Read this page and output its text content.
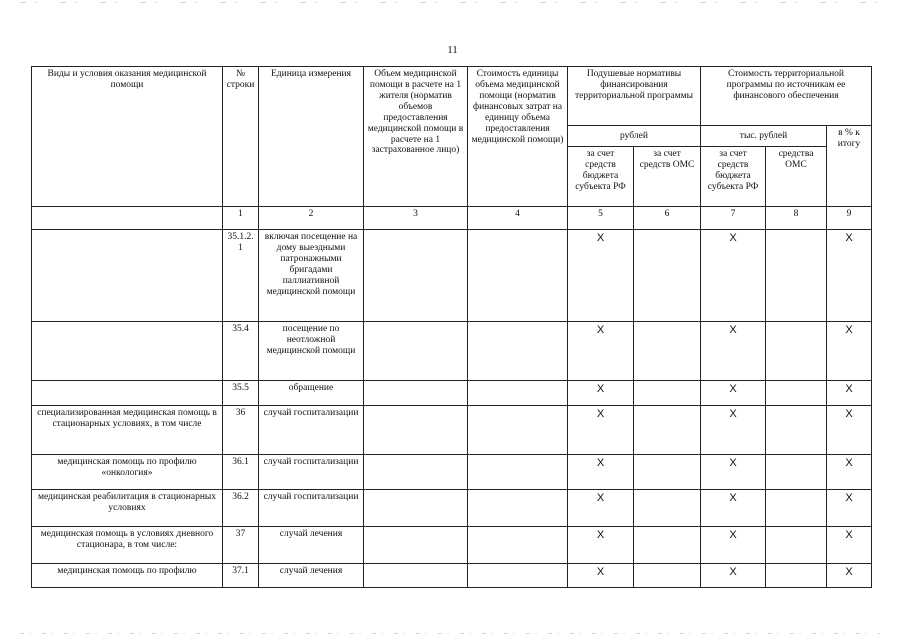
11
Виды и условия оказания медицинской помощи	№ строки	Единица измерения	Объем медицинской помощи в расчете на 1 жителя (норматив объемов предоставления медицинской помощи в расчете на 1 застрахованное лицо)	Стоимость единицы объема медицинской помощи (норматив финансовых затрат на единицу объема предоставления медицинской помощи)	Подушевые нормативы финансирования территориальной программы		Стоимость территориальной программы по источникам ее финансового обеспечения		
					рублей		тыс. рублей		в % к итогу
					за счет средств бюджета субъекта РФ	за счет средств ОМС	за счет средств бюджета субъекта РФ	средства ОМС	
	1	2	3	4	5	6	7	8	9
	35.1.2.1	включая посещение на дому выездными патронажными бригадами паллиативной медицинской помощи			X		X		X
	35.4	посещение по неотложной медицинской помощи			X		X		X
	35.5	обращение			X		X		X
специализированная медицинская помощь в стационарных условиях, в том числе	36	случай госпитализации			X		X		X
медицинская помощь по профилю «онкология»	36.1	случай госпитализации			X		X		X
медицинская реабилитация в стационарных условиях	36.2	случай госпитализации			X		X		X
медицинская помощь в условиях дневного стационара, в том числе:	37	случай лечения			X		X		X
медицинская помощь по профилю	37.1	случай лечения			X		X		X
